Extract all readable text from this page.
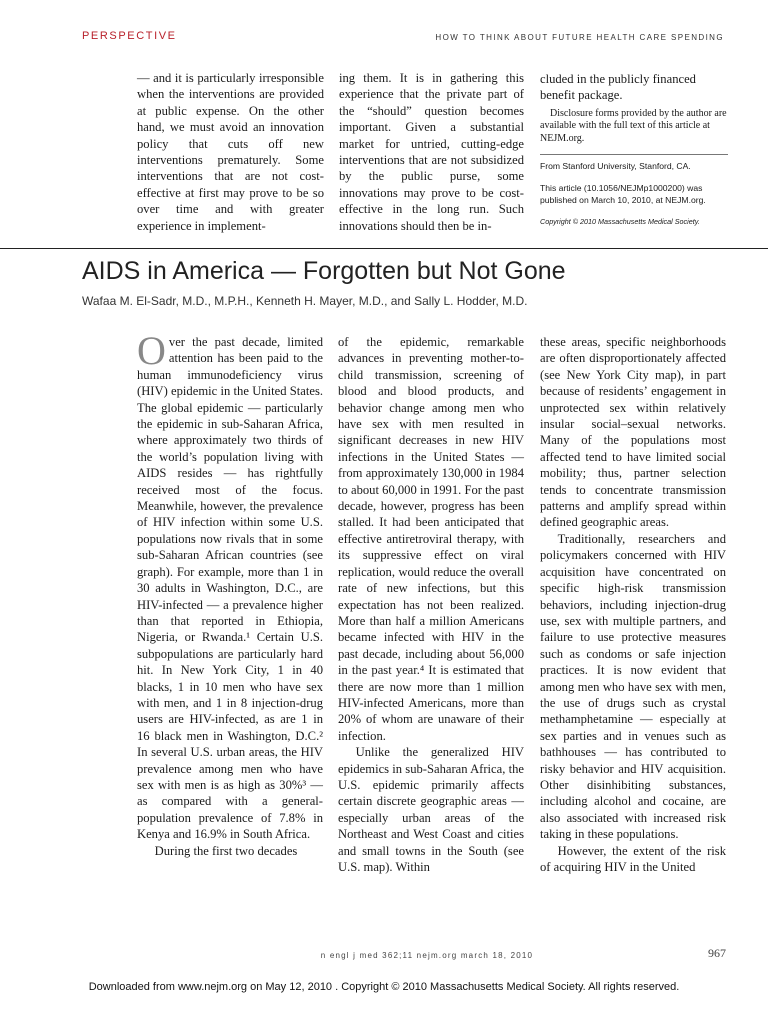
PERSPECTIVE	HOW TO THINK ABOUT FUTURE HEALTH CARE SPENDING

— and it is particularly irresponsible when the interventions are provided at public expense. On the other hand, we must avoid an innovation policy that cuts off new interventions prematurely. Some interventions that are not cost-effective at first may prove to be so over time and with greater experience in implement-

ing them. It is in gathering this experience that the private part of the “should” question becomes important. Given a substantial market for untried, cutting-edge interventions that are not subsidized by the public purse, some innovations may prove to be cost-effective in the long run. Such innovations should then be in-

cluded in the publicly financed benefit package.

Disclosure forms provided by the author are available with the full text of this article at NEJM.org.

From Stanford University, Stanford, CA.

This article (10.1056/NEJMp1000200) was published on March 10, 2010, at NEJM.org.

Copyright © 2010 Massachusetts Medical Society.

AIDS in America — Forgotten but Not Gone
Wafaa M. El-Sadr, M.D., M.P.H., Kenneth H. Mayer, M.D., and Sally L. Hodder, M.D.

Over the past decade, limited attention has been paid to the human immunodeficiency virus (HIV) epidemic in the United States. The global epidemic — particularly the epidemic in sub-Saharan Africa, where approximately two thirds of the world’s population living with AIDS resides — has rightfully received most of the focus. Meanwhile, however, the prevalence of HIV infection within some U.S. populations now rivals that in some sub-Saharan African countries (see graph). For example, more than 1 in 30 adults in Washington, D.C., are HIV-infected — a prevalence higher than that reported in Ethiopia, Nigeria, or Rwanda.¹ Certain U.S. subpopulations are particularly hard hit. In New York City, 1 in 40 blacks, 1 in 10 men who have sex with men, and 1 in 8 injection-drug users are HIV-infected, as are 1 in 16 black men in Washington, D.C.² In several U.S. urban areas, the HIV prevalence among men who have sex with men is as high as 30%³ — as compared with a general-population prevalence of 7.8% in Kenya and 16.9% in South Africa.

During the first two decades

of the epidemic, remarkable advances in preventing mother-to-child transmission, screening of blood and blood products, and behavior change among men who have sex with men resulted in significant decreases in new HIV infections in the United States — from approximately 130,000 in 1984 to about 60,000 in 1991. For the past decade, however, progress has been stalled. It had been anticipated that effective antiretroviral therapy, with its suppressive effect on viral replication, would reduce the overall rate of new infections, but this expectation has not been realized. More than half a million Americans became infected with HIV in the past decade, including about 56,000 in the past year.⁴ It is estimated that there are now more than 1 million HIV-infected Americans, more than 20% of whom are unaware of their infection.

Unlike the generalized HIV epidemics in sub-Saharan Africa, the U.S. epidemic primarily affects certain discrete geographic areas — especially urban areas of the Northeast and West Coast and cities and small towns in the South (see U.S. map). Within

these areas, specific neighborhoods are often disproportionately affected (see New York City map), in part because of residents’ engagement in unprotected sex within relatively insular social–sexual networks. Many of the populations most affected tend to have limited social mobility; thus, partner selection tends to concentrate transmission patterns and amplify spread within defined geographic areas.

Traditionally, researchers and policymakers concerned with HIV acquisition have concentrated on specific high-risk transmission behaviors, including injection-drug use, sex with multiple partners, and failure to use protective measures such as condoms or safe injection practices. It is now evident that among men who have sex with men, the use of drugs such as crystal methamphetamine — especially at sex parties and in venues such as bathhouses — has contributed to risky behavior and HIV acquisition. Other disinhibiting substances, including alcohol and cocaine, are also associated with increased risk taking in these populations.

However, the extent of the risk of acquiring HIV in the United

n engl j med 362;11 nejm.org march 18, 2010	967
Downloaded from www.nejm.org on May 12, 2010 . Copyright © 2010 Massachusetts Medical Society. All rights reserved.
